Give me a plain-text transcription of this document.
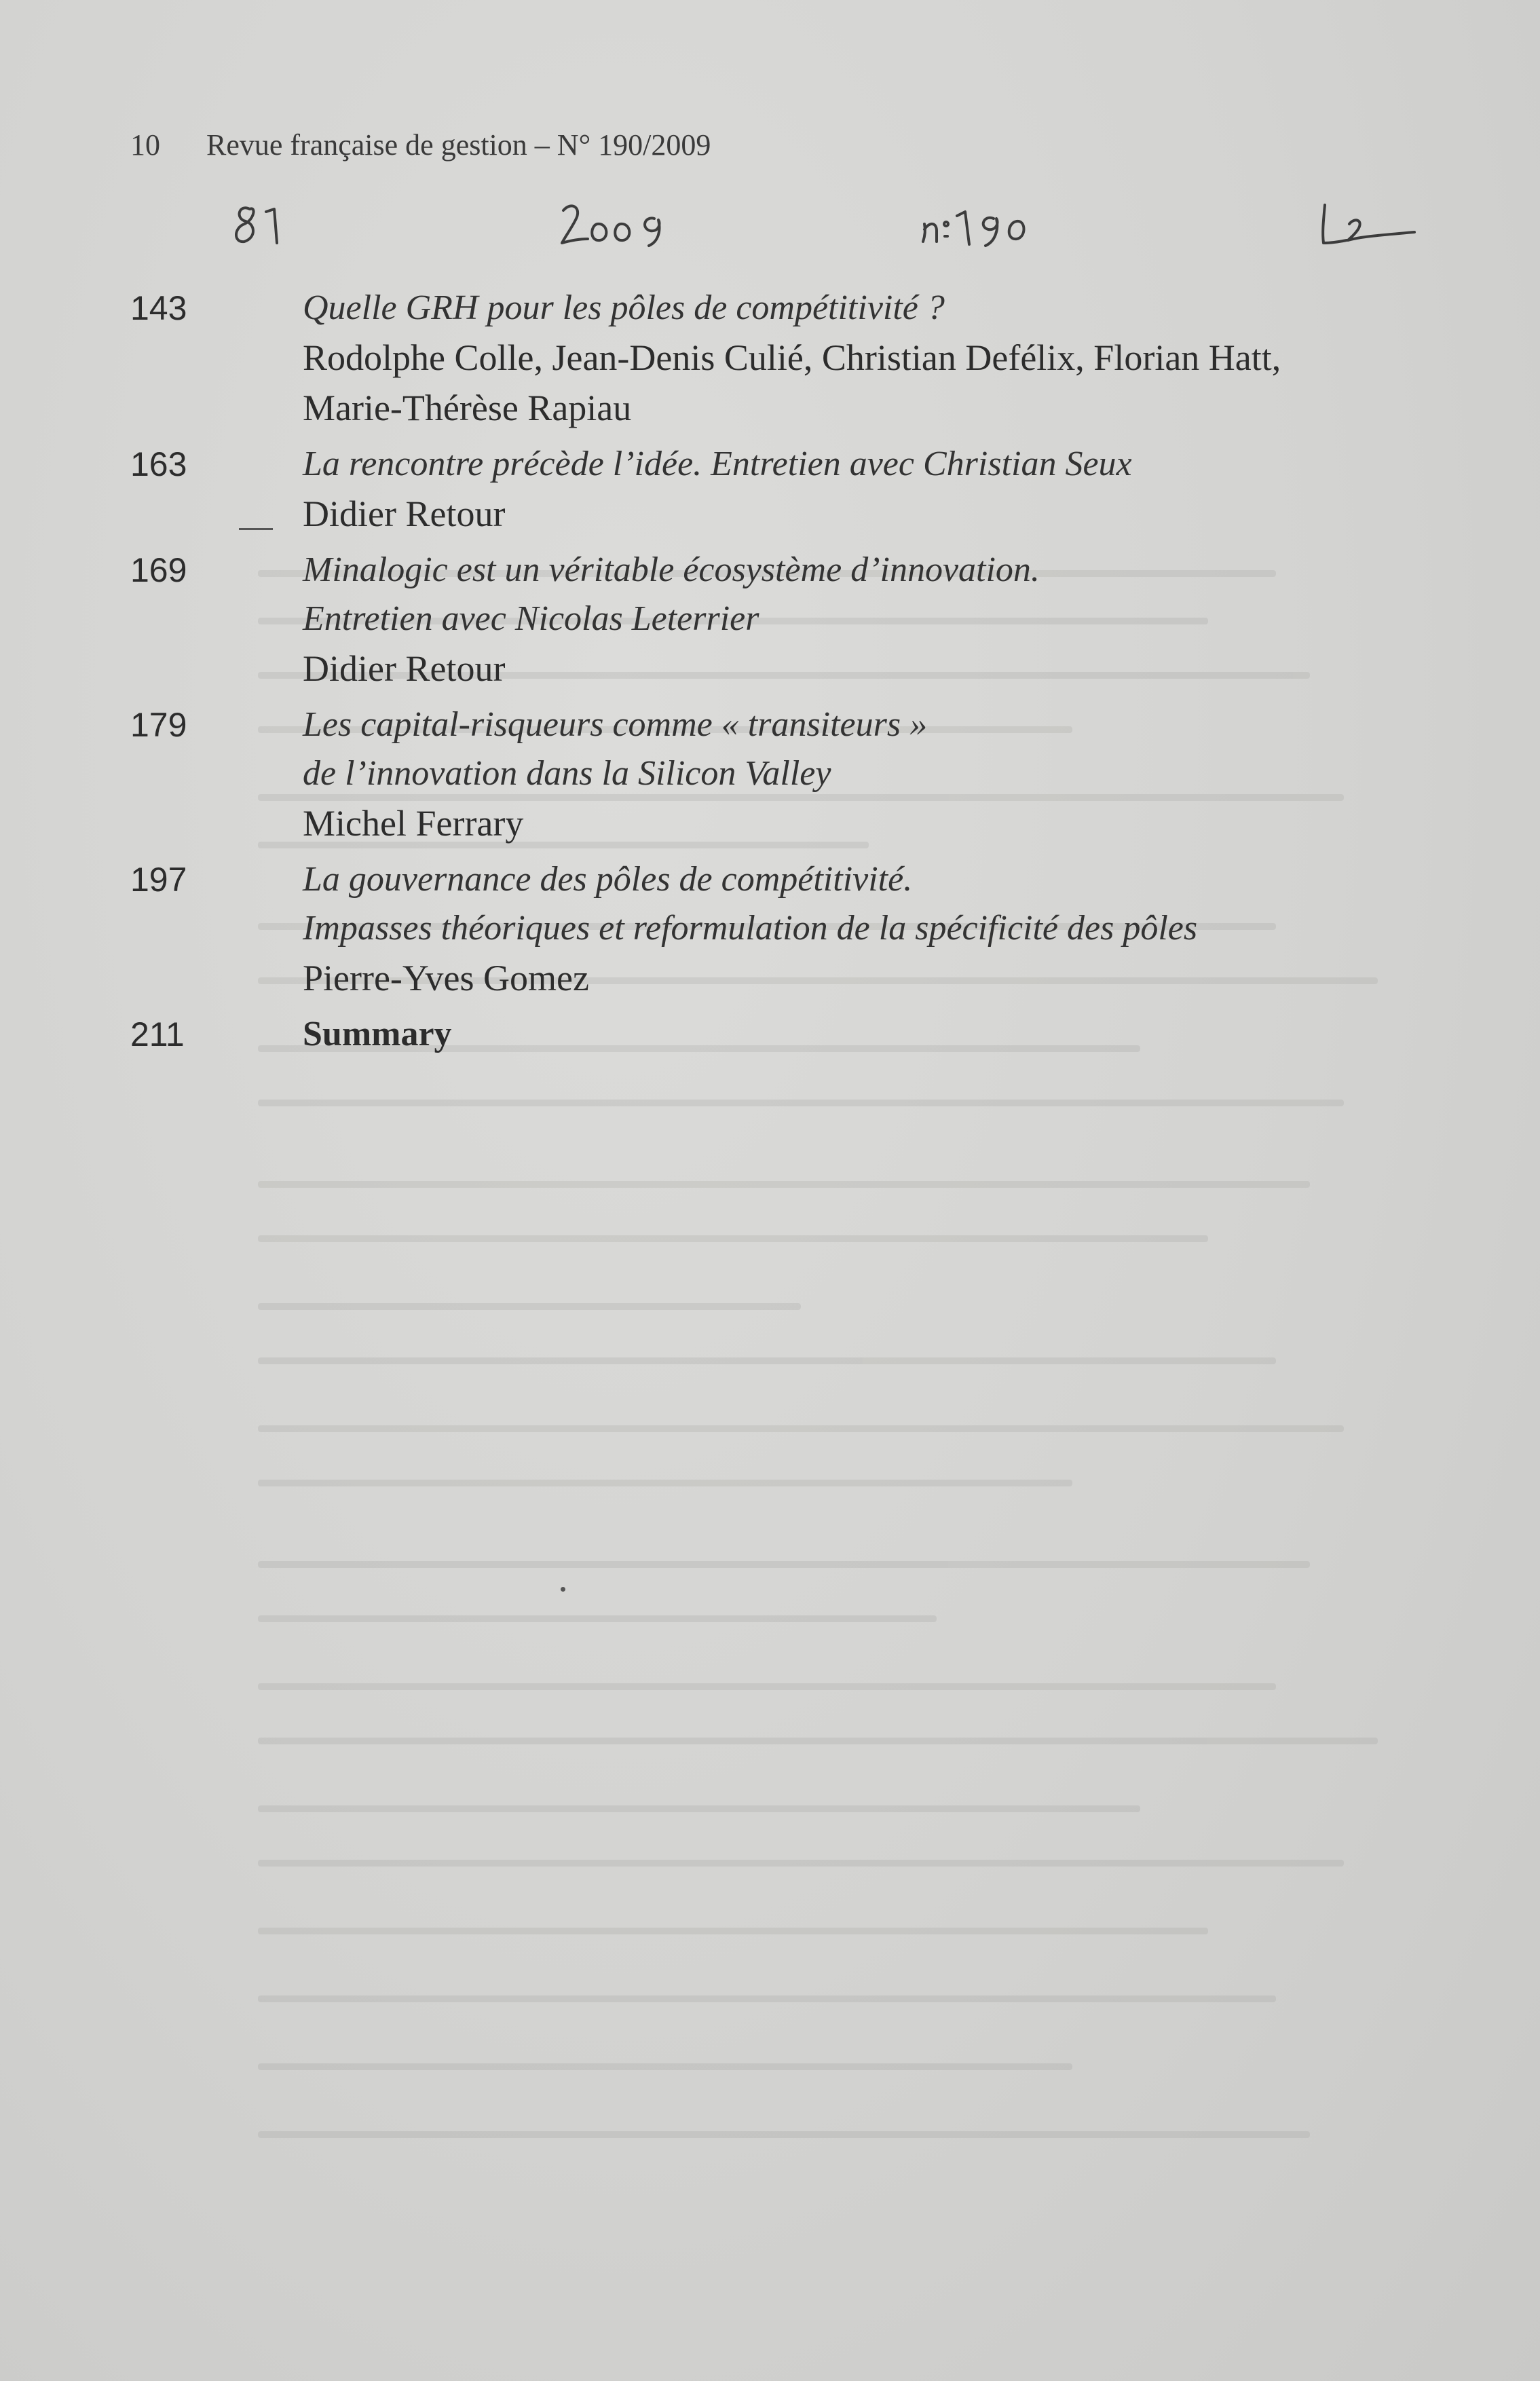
10 Revue française de gestion – N° 190/2009
143	Quelle GRH pour les pôles de compétitivité ?
Rodolphe Colle, Jean-Denis Culié, Christian Defélix, Florian Hatt,
Marie-Thérèse Rapiau
163	La rencontre précède l’idée. Entretien avec Christian Seux
Didier Retour
169	Minalogic est un véritable écosystème d’innovation.
Entretien avec Nicolas Leterrier
Didier Retour
179	Les capital-risqueurs comme « transiteurs »
de l’innovation dans la Silicon Valley
Michel Ferrary
197	La gouvernance des pôles de compétitivité.
Impasses théoriques et reformulation de la spécificité des pôles
Pierre-Yves Gomez
211	Summary
